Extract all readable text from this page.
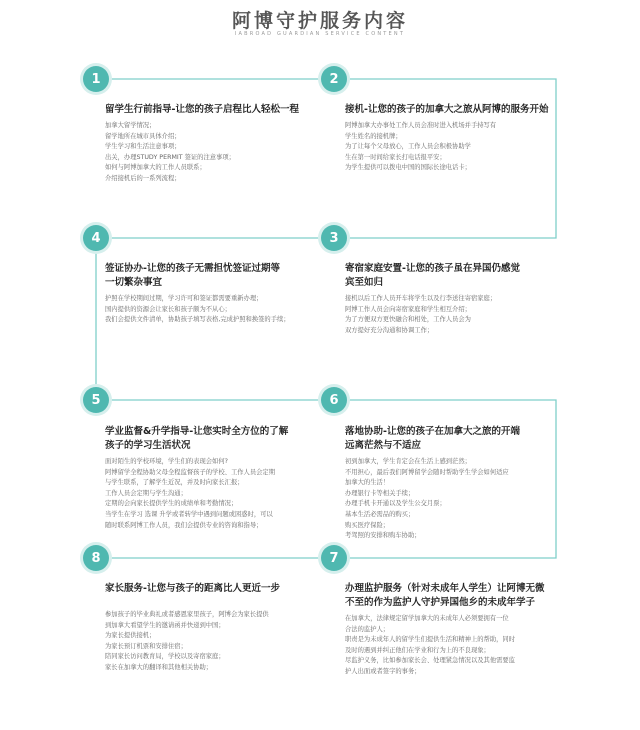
阿博守护服务内容
IABROAD GUARDIAN SERVICE CONTENT
1	2
3
4
5	6
7
8
留学生行前指导-让您的孩子启程比人轻松一程
加拿大留学情况；
留学地所在城市具体介绍；
学生学习和生活注意事项；
出关，办理STUDY PERMIT 签证的注意事项；
如何与阿博加拿大的工作人员联系；
介绍接机后的一系列流程；
接机-让您的孩子的加拿大之旅从阿博的服务开始
阿博加拿大办事处工作人员会准时进入机场并手持写有
学生姓名的接机牌；
为了让每个父母放心，工作人员会积极协助学
生在第一时间给家长打电话报平安；
为学生提供可以拨电中国的国际长途电话卡；
签证协办-让您的孩子无需担忧签证过期等
一切繁杂事宜
护照在学校期间过期，学习许可和签证都需要重新办理；
国内提供的资源会让家长和孩子颇为不从心；
我们会提供文件清单，协助孩子填写表格,完成护照和换签的手续；
寄宿家庭安置-让您的孩子虽在异国仍感觉
宾至如归
接机以后工作人员开车将学生以及行李送往寄宿家庭；
阿博工作人员会向寄宿家庭和学生相互介绍；
为了方便双方更快融合和相处，工作人员会为
双方提好充分沟通和协调工作；
学业监督&升学指导-让您实时全方位的了解
孩子的学习生活状况
面对陌生的学校环境，学生们的表现会如何?
阿博留学全程协助父母全程监督孩子的学校、工作人员会定期
与学生联系，了解学生近况，并及时向家长汇报；
工作人员会定期与学生沟通；
定期的会向家长提供学生的成绩单和考勤情况；
当学生在学习 选课 升学或者转学中遇到问题或困惑时，可以
随时联系阿博工作人员，我们会提供专业的咨询和指导；
落地协助-让您的孩子在加拿大之旅的开端
远离茫然与不适应
初到加拿大，学生肯定会在生活上感到茫然；
不用担心，最后我们阿博留学会随时帮助学生学会如何适应
加拿大的生活！
办理银行卡等相关手续；
办理手机卡开通以及学生公交月票；
基本生活必需品的购买；
购买医疗保险；
考驾照的安排和购车协助；
家长服务-让您与孩子的距离比人更近一步
参加孩子的毕业典礼或者感恩家里孩子，阿博会为家长提供
到加拿大看望学生的邀请函并快递到中国；
为家长提供接机；
为家长预订机票和安排住宿；
陪同家长访问教育局，学校以及寄宿家庭；
家长在加拿大的翻译和其他相关协助；
办理监护服务（针对未成年人学生）让阿博无微
不至的作为监护人守护异国他乡的未成年学子
在加拿大，法律规定留学加拿大的未成年人必须要拥有一位
合法的监护人；
职责是为未成年人的留学生们提供生活和精神上的帮助，同时
及时的遇到并纠正他们在学业和行为上的不良现象；
尽监护义务，比如参加家长会、处理紧急情况以及其他需要监
护人出面或者签字的事务；
